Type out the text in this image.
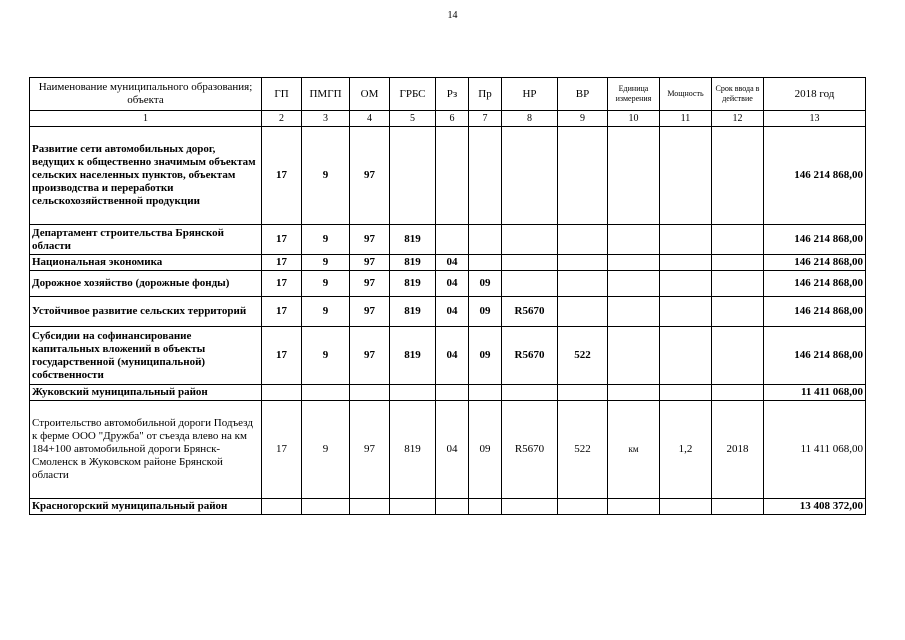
14
Наименование муниципального образования; объекта	ГП	ПМГП	ОМ	ГРБС	Рз	Пр	НР	ВР	Единица измерения	Мощность	Срок ввода в действие	2018 год
1	2	3	4	5	6	7	8	9	10	11	12	13
Развитие сети автомобильных дорог, ведущих к общественно значимым объектам сельских населенных пунктов, объектам производства и переработки сельскохозяйственной продукции	17	9	97									146 214 868,00
Департамент строительства Брянской области	17	9	97	819								146 214 868,00
Национальная экономика	17	9	97	819	04							146 214 868,00
Дорожное хозяйство (дорожные фонды)	17	9	97	819	04	09						146 214 868,00
Устойчивое развитие сельских территорий	17	9	97	819	04	09	R5670					146 214 868,00
Субсидии на софинансирование капитальных вложений в объекты государственной (муниципальной) собственности	17	9	97	819	04	09	R5670	522				146 214 868,00
Жуковский муниципальный район												11 411 068,00
Строительство автомобильной дороги Подъезд к ферме ООО "Дружба" от съезда влево на км 184+100 автомобильной дороги Брянск-Смоленск в Жуковском районе Брянской области	17	9	97	819	04	09	R5670	522	км	1,2	2018	11 411 068,00
Красногорский муниципальный район												13 408 372,00
